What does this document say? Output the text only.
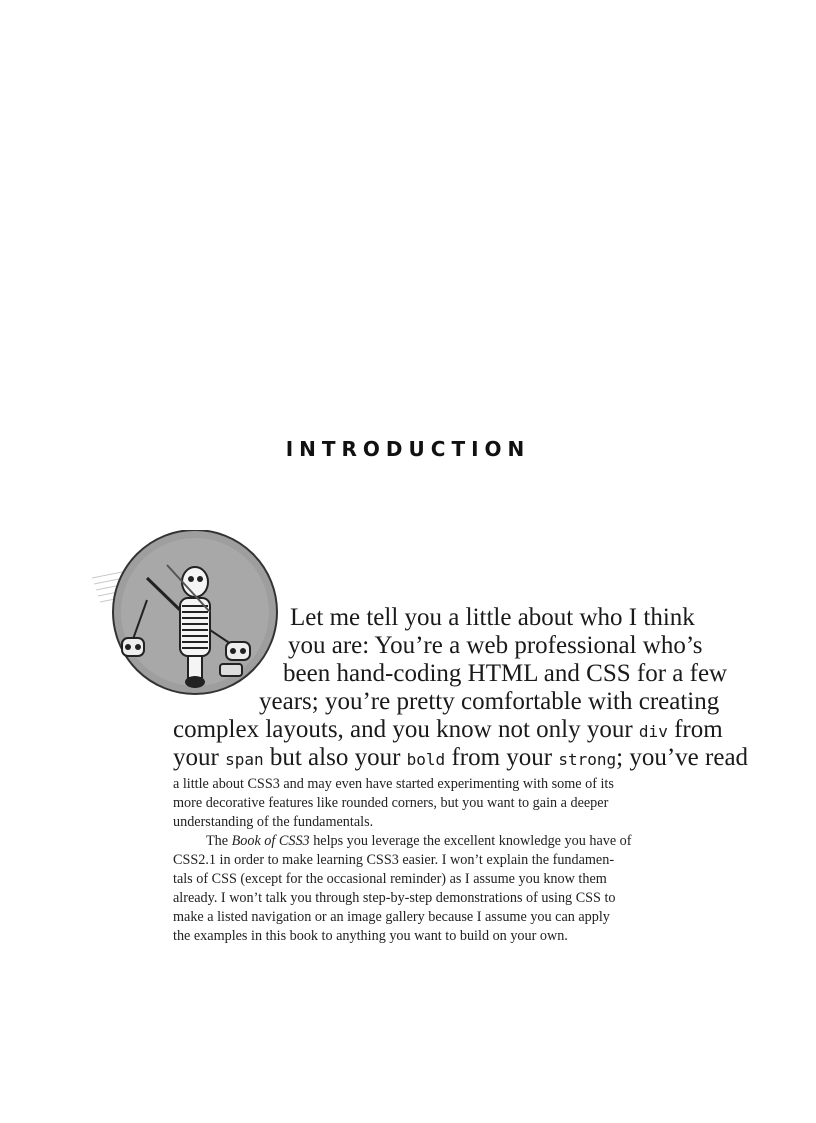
INTRODUCTION
Let me tell you a little about who I think
you are: You’re a web professional who’s
been hand-coding HTML and CSS for a few
years; you’re pretty comfortable with creating
complex layouts, and you know not only your div from
your span but also your bold from your strong; you’ve read
a little about CSS3 and may even have started experimenting with some of its
more decorative features like rounded corners, but you want to gain a deeper
understanding of the fundamentals.
The Book of CSS3 helps you leverage the excellent knowledge you have of
CSS2.1 in order to make learning CSS3 easier. I won’t explain the fundamen-
tals of CSS (except for the occasional reminder) as I assume you know them
already. I won’t talk you through step-by-step demonstrations of using CSS to
make a listed navigation or an image gallery because I assume you can apply
the examples in this book to anything you want to build on your own.
